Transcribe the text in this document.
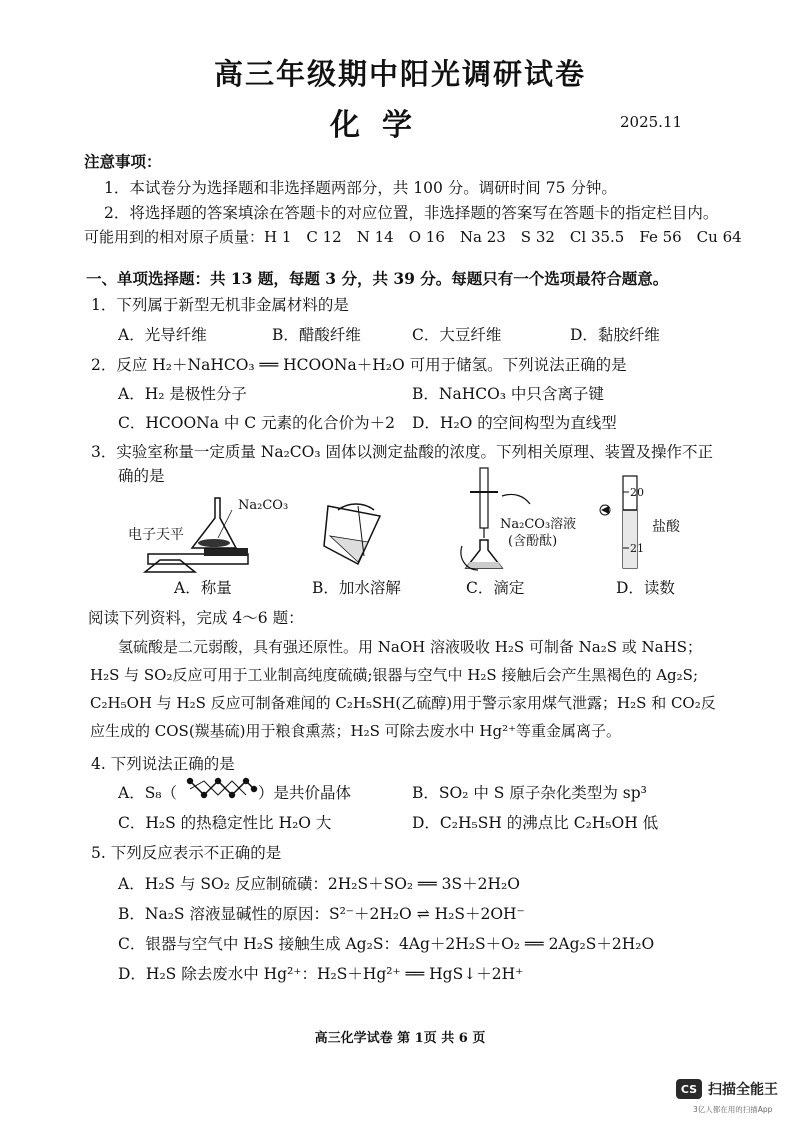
高三年级期中阳光调研试卷
化学	2025.11
注意事项：
1．本试卷分为选择题和非选择题两部分，共 100 分。调研时间 75 分钟。
2．将选择题的答案填涂在答题卡的对应位置，非选择题的答案写在答题卡的指定栏目内。
可能用到的相对原子质量：H 1　C 12　N 14　O 16　Na 23　S 32　Cl 35.5　Fe 56　Cu 64
一、单项选择题：共 13 题，每题 3 分，共 39 分。每题只有一个选项最符合题意。
1．下列属于新型无机非金属材料的是
A．光导纤维	B．醋酸纤维	C．大豆纤维	D．黏胶纤维
2．反应 H₂＋NaHCO₃ ══ HCOONa＋H₂O 可用于储氢。下列说法正确的是
A．H₂ 是极性分子	B．NaHCO₃ 中只含离子键
C．HCOONa 中 C 元素的化合价为＋2 D．H₂O 的空间构型为直线型
3．实验室称量一定质量 Na₂CO₃ 固体以测定盐酸的浓度。下列相关原理、装置及操作不正
确的是
Na₂CO₃
电子天平
Na₂CO₃溶液
(含酚酞)
20
21
盐酸
A．称量	B．加水溶解	C．滴定	D．读数
阅读下列资料，完成 4～6 题：
氢硫酸是二元弱酸，具有强还原性。用 NaOH 溶液吸收 H₂S 可制备 Na₂S 或 NaHS；
H₂S 与 SO₂反应可用于工业制高纯度硫磺;银器与空气中 H₂S 接触后会产生黑褐色的 Ag₂S;
C₂H₅OH 与 H₂S 反应可制备难闻的 C₂H₅SH(乙硫醇)用于警示家用煤气泄露；H₂S 和 CO₂反
应生成的 COS(羰基硫)用于粮食熏蒸；H₂S 可除去废水中 Hg²⁺等重金属离子。
4. 下列说法正确的是
A．S₈（	）是共价晶体	B．SO₂ 中 S 原子杂化类型为 sp³
C．H₂S 的热稳定性比 H₂O 大	D．C₂H₅SH 的沸点比 C₂H₅OH 低
5. 下列反应表示不正确的是
A．H₂S 与 SO₂ 反应制硫磺：2H₂S＋SO₂ ══ 3S＋2H₂O
B．Na₂S 溶液显碱性的原因：S²⁻＋2H₂O ⇌ H₂S＋2OH⁻
C．银器与空气中 H₂S 接触生成 Ag₂S：4Ag＋2H₂S＋O₂ ══ 2Ag₂S＋2H₂O
D．H₂S 除去废水中 Hg²⁺：H₂S＋Hg²⁺ ══ HgS↓＋2H⁺
高三化学试卷 第 1页 共 6 页
CS 扫描全能王
3亿人都在用的扫描App
